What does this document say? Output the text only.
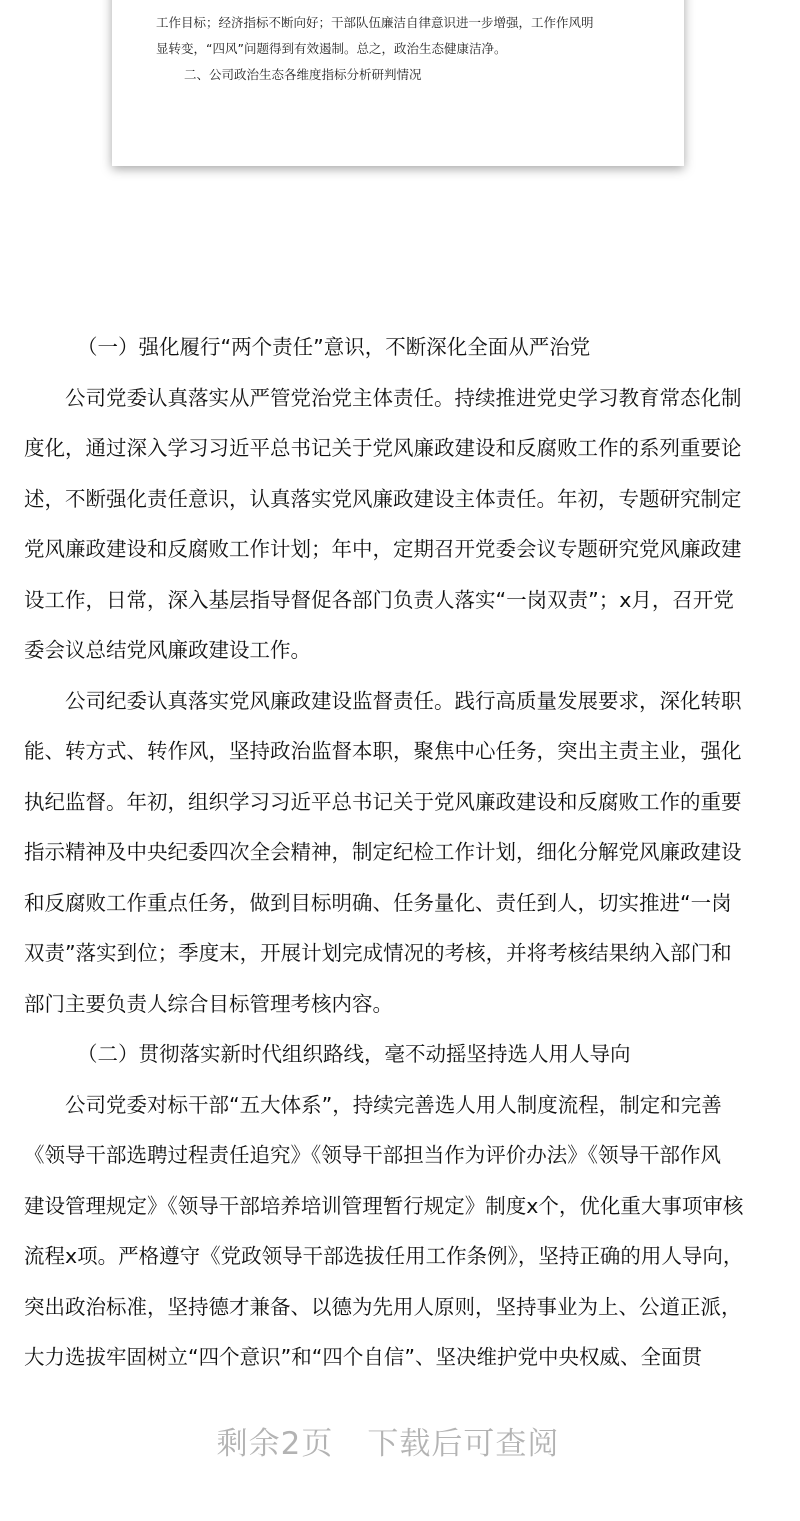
工作目标；经济指标不断向好；干部队伍廉洁自律意识进一步增强，工作作风明
显转变，“四风”问题得到有效遏制。总之，政治生态健康洁净。
二、公司政治生态各维度指标分析研判情况
（一）强化履行“两个责任”意识，不断深化全面从严治党
公司党委认真落实从严管党治党主体责任。持续推进党史学习教育常态化制
度化，通过深入学习习近平总书记关于党风廉政建设和反腐败工作的系列重要论
述，不断强化责任意识，认真落实党风廉政建设主体责任。年初，专题研究制定
党风廉政建设和反腐败工作计划；年中，定期召开党委会议专题研究党风廉政建
设工作，日常，深入基层指导督促各部门负责人落实“一岗双责”；x月，召开党
委会议总结党风廉政建设工作。
公司纪委认真落实党风廉政建设监督责任。践行高质量发展要求，深化转职
能、转方式、转作风，坚持政治监督本职，聚焦中心任务，突出主责主业，强化
执纪监督。年初，组织学习习近平总书记关于党风廉政建设和反腐败工作的重要
指示精神及中央纪委四次全会精神，制定纪检工作计划，细化分解党风廉政建设
和反腐败工作重点任务，做到目标明确、任务量化、责任到人，切实推进“一岗
双责”落实到位；季度末，开展计划完成情况的考核，并将考核结果纳入部门和
部门主要负责人综合目标管理考核内容。
（二）贯彻落实新时代组织路线，毫不动摇坚持选人用人导向
公司党委对标干部“五大体系”，持续完善选人用人制度流程，制定和完善
《领导干部选聘过程责任追究》《领导干部担当作为评价办法》《领导干部作风
建设管理规定》《领导干部培养培训管理暂行规定》制度x个，优化重大事项审核
流程x项。严格遵守《党政领导干部选拔任用工作条例》，坚持正确的用人导向，
突出政治标准，坚持德才兼备、以德为先用人原则，坚持事业为上、公道正派，
大力选拔牢固树立“四个意识”和“四个自信”、坚决维护党中央权威、全面贯
剩余2页 下载后可查阅
